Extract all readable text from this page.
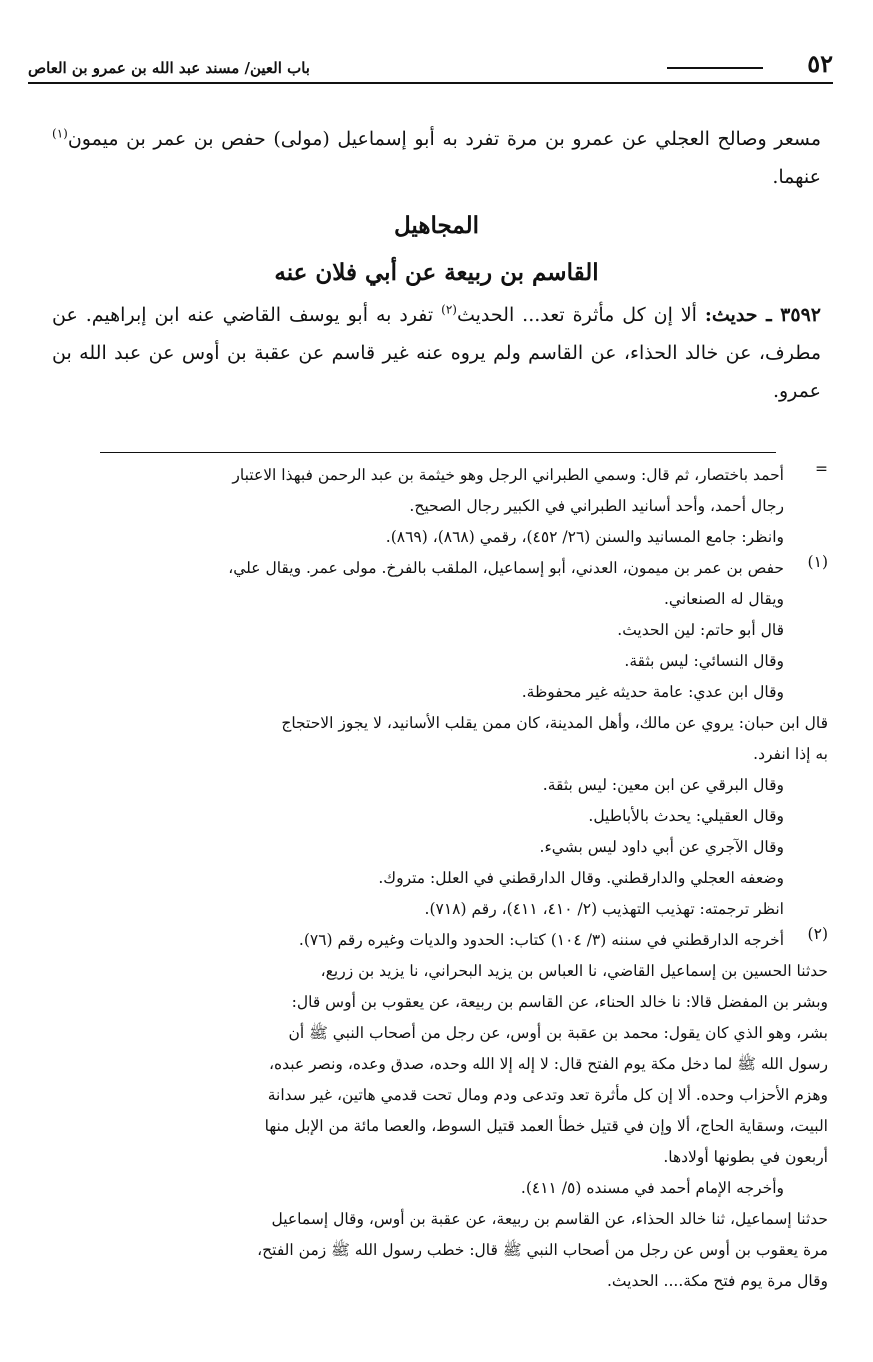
٥٢
باب العين/ مسند عبد الله بن عمرو بن العاص

مسعر وصالح العجلي عن عمرو بن مرة تفرد به أبو إسماعيل (مولى) حفص بن عمر بن ميمون$^{(١)}$ عنهما.

المجاهيل
القاسم بن ربيعة عن أبي فلان عنه

٣٥٩٢ ـ حديث: ألا إن كل مأثرة تعد... الحديث$^{(٢)}$ تفرد به أبو يوسف القاضي عنه ابن إبراهيم. عن مطرف، عن خالد الحذاء، عن القاسم ولم يروه عنه غير قاسم عن عقبة بن أوس عن عبد الله بن عمرو.

=

أحمد باختصار، ثم قال: وسمي الطبراني الرجل وهو خيثمة بن عبد الرحمن فبهذا الاعتبار

رجال أحمد، وأحد أسانيد الطبراني في الكبير رجال الصحيح.

وانظر: جامع المسانيد والسنن (٢٦/ ٤٥٢)، رقمي (٨٦٨)، (٨٦٩).

(١)

حفص بن عمر بن ميمون، العدني، أبو إسماعيل، الملقب بالفرخ. مولى عمر. ويقال علي،

ويقال له الصنعاني.

قال أبو حاتم: لين الحديث.

وقال النسائي: ليس بثقة.

وقال ابن عدي: عامة حديثه غير محفوظة.

قال ابن حبان: يروي عن مالك، وأهل المدينة، كان ممن يقلب الأسانيد، لا يجوز الاحتجاج

به إذا انفرد.

وقال البرقي عن ابن معين: ليس بثقة.

وقال العقيلي: يحدث بالأباطيل.

وقال الآجري عن أبي داود ليس بشيء.

وضعفه العجلي والدارقطني. وقال الدارقطني في العلل: متروك.

انظر ترجمته: تهذيب التهذيب (٢/ ٤١٠، ٤١١)، رقم (٧١٨).

(٢)

أخرجه الدارقطني في سننه (٣/ ١٠٤) كتاب: الحدود والديات وغيره رقم (٧٦).

حدثنا الحسين بن إسماعيل القاضي، نا العباس بن يزيد البحراني، نا يزيد بن زريع،

وبشر بن المفضل قالا: نا خالد الحناء، عن القاسم بن ربيعة، عن يعقوب بن أوس قال:

بشر، وهو الذي كان يقول: محمد بن عقبة بن أوس، عن رجل من أصحاب النبي ﷺ أن

رسول الله ﷺ لما دخل مكة يوم الفتح قال: لا إله إلا الله وحده، صدق وعده، ونصر عبده،

وهزم الأحزاب وحده. ألا إن كل مأثرة تعد وتدعى ودم ومال تحت قدمي هاتين، غير سدانة

البيت، وسقاية الحاج، ألا وإن في قتيل خطأ العمد قتيل السوط، والعصا مائة من الإبل منها

أربعون في بطونها أولادها.

وأخرجه الإمام أحمد في مسنده (٥/ ٤١١).

حدثنا إسماعيل، ثنا خالد الحذاء، عن القاسم بن ربيعة، عن عقبة بن أوس، وقال إسماعيل

مرة يعقوب بن أوس عن رجل من أصحاب النبي ﷺ قال: خطب رسول الله ﷺ زمن الفتح،

وقال مرة يوم فتح مكة.... الحديث.
